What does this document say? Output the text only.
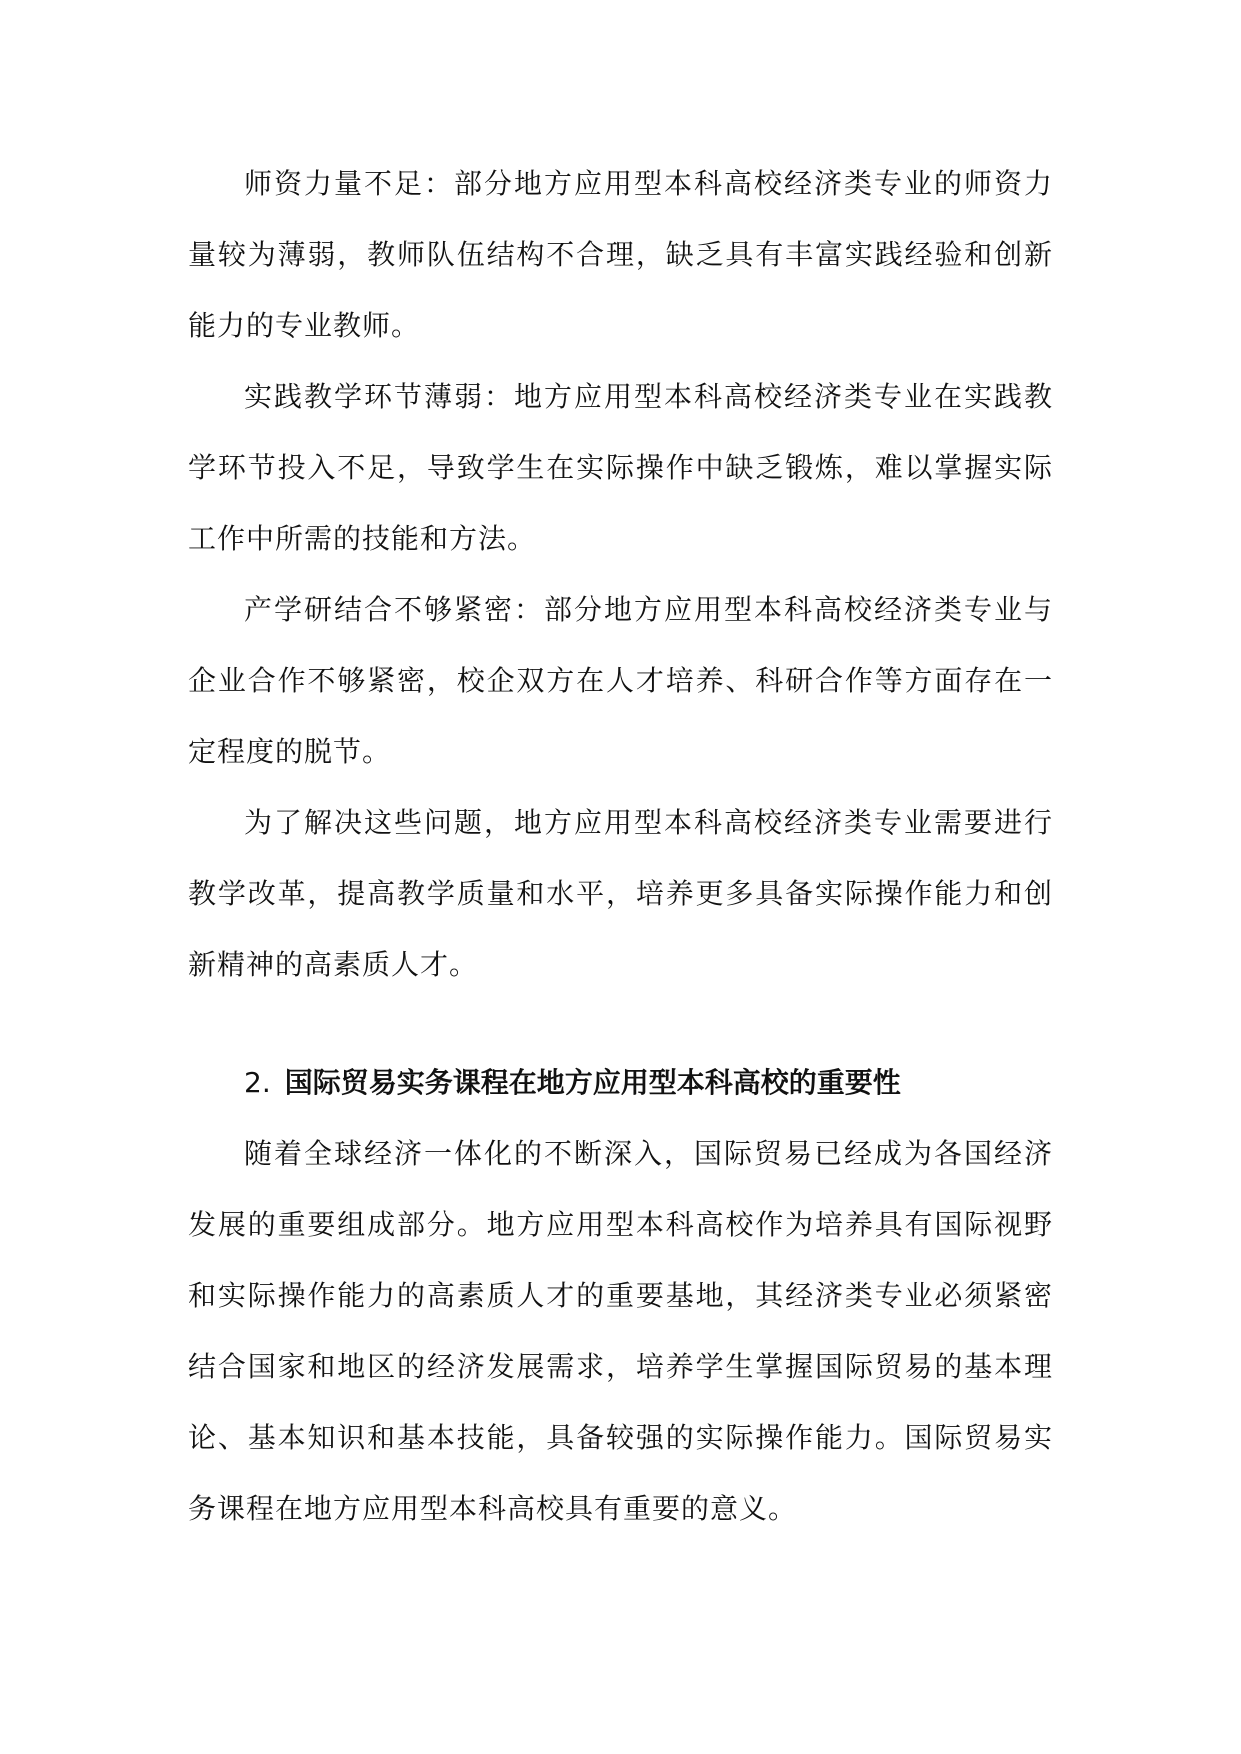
师资力量不足：部分地方应用型本科高校经济类专业的师资力量较为薄弱，教师队伍结构不合理，缺乏具有丰富实践经验和创新能力的专业教师。

实践教学环节薄弱：地方应用型本科高校经济类专业在实践教学环节投入不足，导致学生在实际操作中缺乏锻炼，难以掌握实际工作中所需的技能和方法。

产学研结合不够紧密：部分地方应用型本科高校经济类专业与企业合作不够紧密，校企双方在人才培养、科研合作等方面存在一定程度的脱节。

为了解决这些问题，地方应用型本科高校经济类专业需要进行教学改革，提高教学质量和水平，培养更多具备实际操作能力和创新精神的高素质人才。

2. 国际贸易实务课程在地方应用型本科高校的重要性

随着全球经济一体化的不断深入，国际贸易已经成为各国经济发展的重要组成部分。地方应用型本科高校作为培养具有国际视野和实际操作能力的高素质人才的重要基地，其经济类专业必须紧密结合国家和地区的经济发展需求，培养学生掌握国际贸易的基本理论、基本知识和基本技能，具备较强的实际操作能力。国际贸易实务课程在地方应用型本科高校具有重要的意义。
